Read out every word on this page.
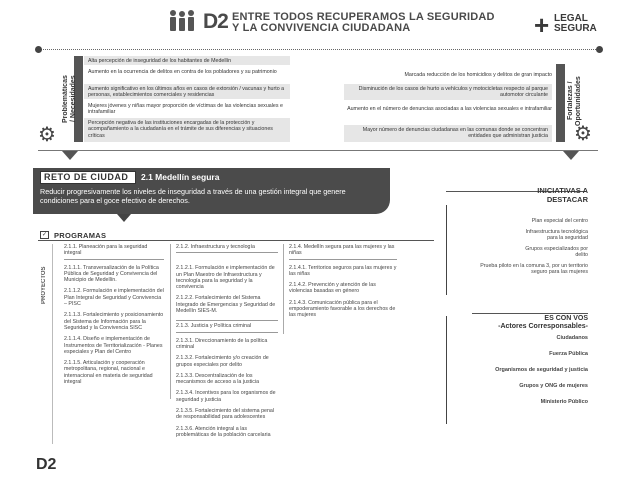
D2 ENTRE TODOS RECUPERAMOS LA SEGURIDAD
Y LA CONVIVENCIA CIUDADANA	+ LEGAL
SEGURA
Problemáticas / Necesidades
⚙
Alta percepción de inseguridad de los habitantes de Medellín
Aumento en la ocurrencia de delitos en contra de los pobladores y su patrimonio
Aumento significativo en los últimos años en casos de extorsión / vacunas y hurto a personas, establecimientos comerciales y residencias
Mujeres jóvenes y niñas mayor proporción de víctimas de las violencias sexuales e intrafamiliar
Percepción negativa de las instituciones encargadas de la protección y acompañamiento a la ciudadanía en el trámite de sus diferencias y situaciones críticas
Fortalezas / Oportunidades
⚙
Marcada reducción de los homicidios y delitos de gran impacto
Disminución de los casos de hurto a vehículos y motocicletas respecto al parque automotor circulante
Aumento en el número de denuncias asociadas a las violencias sexuales e intrafamiliar
Mayor número de denuncias ciudadanas en las comunas donde se concentran entidades que administran justicia
RETO DE CIUDAD	2.1 Medellín segura
Reducir progresivamente los niveles de inseguridad a través de una gestión integral que genere condiciones para el goce efectivo de derechos.
✓ PROGRAMAS
PROYECTOS
2.1.1. Planeación para la seguridad integral
2.1.1.1. Transversalización de la Política Pública de Seguridad y Convivencia del Municipio de Medellín.
2.1.1.2. Formulación e implementación del Plan Integral de Seguridad y Convivencia – PISC
2.1.1.3. Fortalecimiento y posicionamiento del Sistema de Información para la Seguridad y la Convivencia SISC
2.1.1.4. Diseño e implementación de Instrumentos de Territorialización - Planes especiales y Plan del Centro
2.1.1.5. Articulación y cooperación metropolitana, regional, nacional e internacional en materia de seguridad integral
2.1.2. Infraestructura y tecnología
2.1.2.1. Formulación e implementación de un Plan Maestro de Infraestructura y tecnología para la seguridad y la convivencia
2.1.2.2. Fortalecimiento del Sistema Integrado de Emergencias y Seguridad de Medellín SIES-M.
2.1.3. Justicia y Política criminal
2.1.3.1. Direccionamiento de la política criminal
2.1.3.2. Fortalecimiento y/o creación de grupos especiales por delito
2.1.3.3. Descentralización de los mecanismos de acceso a la justicia
2.1.3.4. Incentivos para los organismos de seguridad y justicia
2.1.3.5. Fortalecimiento del sistema penal de responsabilidad para adolescentes
2.1.3.6. Atención integral a las problemáticas de la población carcelaria
2.1.4. Medellín segura para las mujeres y las niñas
2.1.4.1. Territorios seguros para las mujeres y las niñas
2.1.4.2. Prevención y atención de las violencias basadas en género
2.1.4.3. Comunicación pública para el empoderamiento favorable a los derechos de las mujeres
INICIATIVAS A
DESTACAR
Plan especial del centro
Infraestructura tecnológica para la seguridad
Grupos especializados por delito
Prueba piloto en la comuna 3, por un territorio seguro para las mujeres
ES CON VOS
-Actores Corresponsables-
Ciudadanos
Fuerza Pública
Organismos de seguridad y justicia
Grupos y ONG de mujeres
Ministerio Público
D2
